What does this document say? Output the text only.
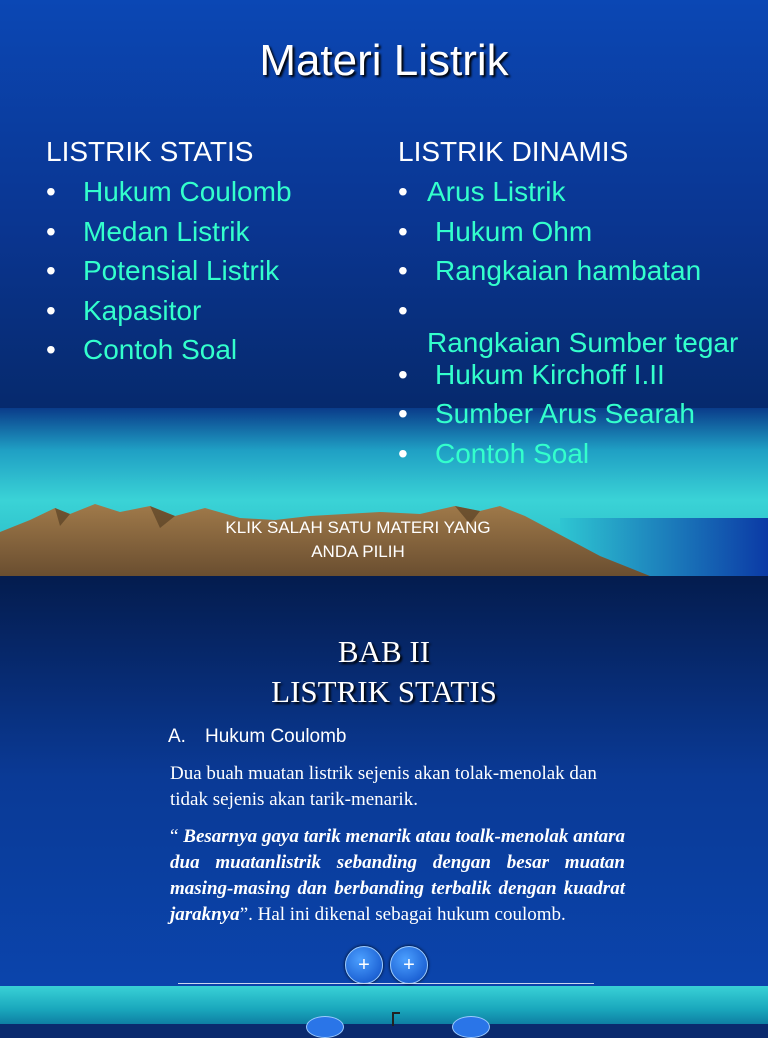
Materi Listrik
LISTRIK STATIS
• Hukum Coulomb
• Medan Listrik
• Potensial Listrik
• Kapasitor
• Contoh Soal
LISTRIK DINAMIS
• Arus Listrik
• Hukum Ohm
• Rangkaian hambatan
•
Rangkaian Sumber tegar
• Hukum Kirchoff I.II
• Sumber Arus Searah
• Contoh Soal
KLIK SALAH SATU MATERI YANG
ANDA PILIH
BAB II
LISTRIK STATIS
A. Hukum Coulomb
Dua buah muatan listrik sejenis akan tolak-menolak dan tidak sejenis akan tarik-menarik.
“ Besarnya gaya tarik menarik atau toalk-menolak antara dua muatanlistrik sebanding dengan besar muatan masing-masing dan berbanding terbalik dengan kuadrat jaraknya”. Hal ini dikenal sebagai hukum coulomb.
+	+
